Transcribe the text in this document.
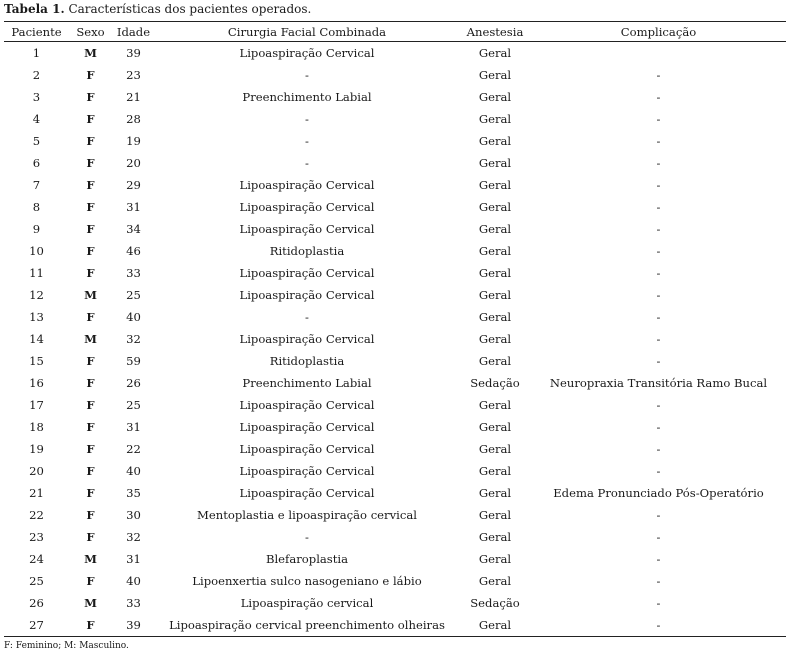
Tabela 1. Características dos pacientes operados.
Paciente	Sexo	Idade	Cirurgia Facial Combinada	Anestesia	Complicação
1	M	39	Lipoaspiração Cervical	Geral	
2	F	23	-	Geral	-
3	F	21	Preenchimento Labial	Geral	-
4	F	28	-	Geral	-
5	F	19	-	Geral	-
6	F	20	-	Geral	-
7	F	29	Lipoaspiração Cervical	Geral	-
8	F	31	Lipoaspiração Cervical	Geral	-
9	F	34	Lipoaspiração Cervical	Geral	-
10	F	46	Ritidoplastia	Geral	-
11	F	33	Lipoaspiração Cervical	Geral	-
12	M	25	Lipoaspiração Cervical	Geral	-
13	F	40	-	Geral	-
14	M	32	Lipoaspiração Cervical	Geral	-
15	F	59	Ritidoplastia	Geral	-
16	F	26	Preenchimento Labial	Sedação	Neuropraxia Transitória Ramo Bucal
17	F	25	Lipoaspiração Cervical	Geral	-
18	F	31	Lipoaspiração Cervical	Geral	-
19	F	22	Lipoaspiração Cervical	Geral	-
20	F	40	Lipoaspiração Cervical	Geral	-
21	F	35	Lipoaspiração Cervical	Geral	Edema Pronunciado Pós-Operatório
22	F	30	Mentoplastia e lipoaspiração cervical	Geral	-
23	F	32	-	Geral	-
24	M	31	Blefaroplastia	Geral	-
25	F	40	Lipoenxertia sulco nasogeniano e lábio	Geral	-
26	M	33	Lipoaspiração cervical	Sedação	-
27	F	39	Lipoaspiração cervical preenchimento olheiras	Geral	-
F: Feminino; M: Masculino.
